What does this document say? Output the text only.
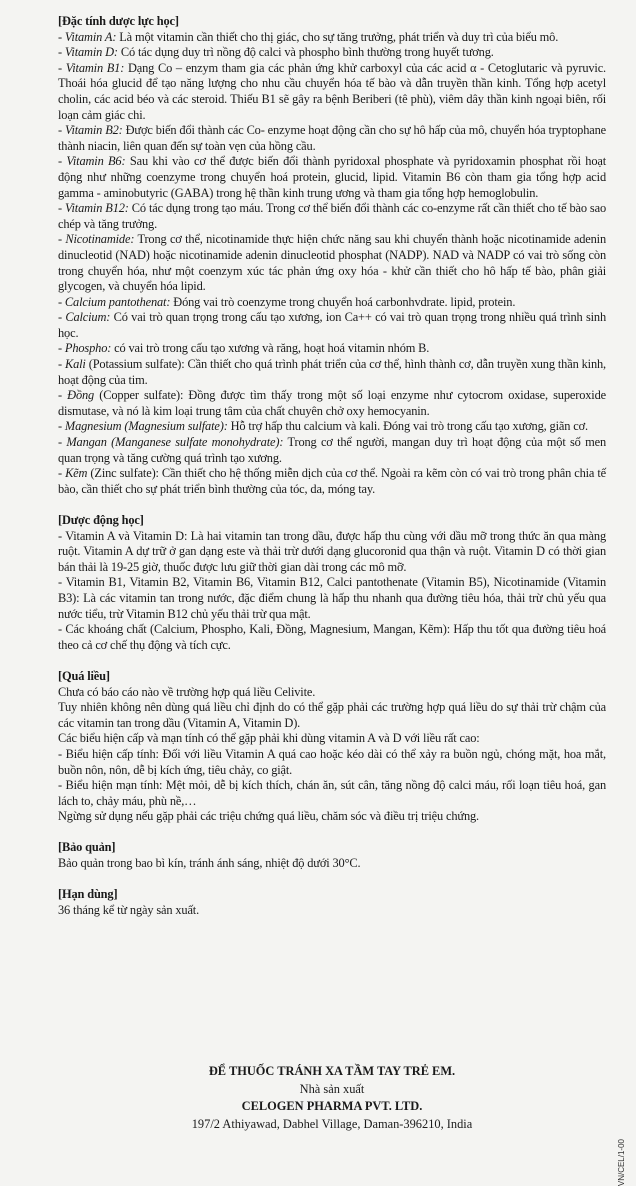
[Đặc tính dược lực học]

- Vitamin A: Là một vitamin cần thiết cho thị giác, cho sự tăng trưởng, phát triển và duy trì của biểu mô.

- Vitamin D: Có tác dụng duy trì nồng độ calci và phospho bình thường trong huyết tương.

- Vitamin B1: Dạng Co – enzym tham gia các phản ứng khử carboxyl của các acid α - Cetoglutaric và pyruvic. Thoái hóa glucid để tạo năng lượng cho nhu cầu chuyển hóa tế bào và dẫn truyền thần kinh. Tổng hợp acetyl cholin, các acid béo và các steroid. Thiếu B1 sẽ gây ra bệnh Beriberi (tê phù), viêm dây thần kinh ngoại biên, rối loạn cảm giác chi.

- Vitamin B2: Được biến đổi thành các Co- enzyme hoạt động cần cho sự hô hấp của mô, chuyển hóa tryptophane thành niacin, liên quan đến sự toàn vẹn của hồng cầu.

- Vitamin B6: Sau khi vào cơ thể được biến đổi thành pyridoxal phosphate và pyridoxamin phosphat rồi hoạt động như những coenzyme trong chuyển hoá protein, glucid, lipid. Vitamin B6 còn tham gia tổng hợp acid gamma - aminobutyric (GABA) trong hệ thần kinh trung ương và tham gia tổng hợp hemoglobulin.

- Vitamin B12: Có tác dụng trong tạo máu. Trong cơ thể biến đổi thành các co-enzyme rất cần thiết cho tế bào sao chép và tăng trưởng.

- Nicotinamide: Trong cơ thể, nicotinamide thực hiện chức năng sau khi chuyển thành hoặc nicotinamide adenin dinucleotid (NAD) hoặc nicotinamide adenin dinucleotid phosphat (NADP). NAD và NADP có vai trò sống còn trong chuyển hóa, như một coenzym xúc tác phản ứng oxy hóa - khử cần thiết cho hô hấp tế bào, phân giải glycogen, và chuyển hóa lipid.

- Calcium pantothenat: Đóng vai trò coenzyme trong chuyển hoá carbonhvdrate. lipid, protein.

- Calcium: Có vai trò quan trọng trong cấu tạo xương, ion Ca++ có vai trò quan trọng trong nhiều quá trình sinh học.

- Phospho: có vai trò trong cấu tạo xương và răng, hoạt hoá vitamin nhóm B.

- Kali (Potassium sulfate): Cần thiết cho quá trình phát triển của cơ thể, hình thành cơ, dẫn truyền xung thần kinh, hoạt động của tim.

- Đồng (Copper sulfate): Đồng được tìm thấy trong một số loại enzyme như cytocrom oxidase, superoxide dismutase, và nó là kim loại trung tâm của chất chuyên chở oxy hemocyanin.

- Magnesium (Magnesium sulfate): Hỗ trợ hấp thu calcium và kali. Đóng vai trò trong cấu tạo xương, giãn cơ.

- Mangan (Manganese sulfate monohydrate): Trong cơ thể người, mangan duy trì hoạt động của một số men quan trọng và tăng cường quá trình tạo xương.

- Kẽm (Zinc sulfate): Cần thiết cho hệ thống miễn dịch của cơ thể. Ngoài ra kẽm còn có vai trò trong phân chia tế bào, cần thiết cho sự phát triển bình thường của tóc, da, móng tay.

[Dược động học]

- Vitamin A và Vitamin D: Là hai vitamin tan trong dầu, được hấp thu cùng với dầu mỡ trong thức ăn qua màng ruột. Vitamin A dự trữ ở gan dạng este và thải trừ dưới dạng glucoronid qua thận và ruột. Vitamin D có thời gian bán thải là 19-25 giờ, thuốc được lưu giữ thời gian dài trong các mô mỡ.

- Vitamin B1, Vitamin B2, Vitamin B6, Vitamin B12, Calci pantothenate (Vitamin B5), Nicotinamide (Vitamin B3): Là các vitamin tan trong nước, đặc điểm chung là hấp thu nhanh qua đường tiêu hóa, thải trừ chủ yếu qua nước tiểu, trừ Vitamin B12 chủ yếu thải trừ qua mật.

- Các khoáng chất (Calcium, Phospho, Kali, Đồng, Magnesium, Mangan, Kẽm): Hấp thu tốt qua đường tiêu hoá theo cả cơ chế thụ động và tích cực.

[Quá liều]

Chưa có báo cáo nào về trường hợp quá liều Celivite.

Tuy nhiên không nên dùng quá liều chỉ định do có thể gặp phải các trường hợp quá liều do sự thải trừ chậm của các vitamin tan trong dầu (Vitamin A, Vitamin D).

Các biểu hiện cấp và mạn tính có thể gặp phải khi dùng vitamin A và D với liều rất cao:

- Biểu hiện cấp tính: Đối với liều Vitamin A quá cao hoặc kéo dài có thể xảy ra buồn ngủ, chóng mặt, hoa mắt, buồn nôn, nôn, dễ bị kích ứng, tiêu chảy, co giật.

- Biểu hiện mạn tính: Mệt mỏi, dễ bị kích thích, chán ăn, sút cân, tăng nồng độ calci máu, rối loạn tiêu hoá, gan lách to, chảy máu, phù nề,…

Ngừng sử dụng nếu gặp phải các triệu chứng quá liều, chăm sóc và điều trị triệu chứng.

[Bảo quản]

Bảo quản trong bao bì kín, tránh ánh sáng, nhiệt độ dưới 30°C.

[Hạn dùng]

36 tháng kể từ ngày sản xuất.

ĐỂ THUỐC TRÁNH XA TẦM TAY TRẺ EM.
Nhà sản xuất
CELOGEN PHARMA PVT. LTD.
197/2 Athiyawad, Dabhel Village, Daman-396210, India
VN/CEL/1-00
